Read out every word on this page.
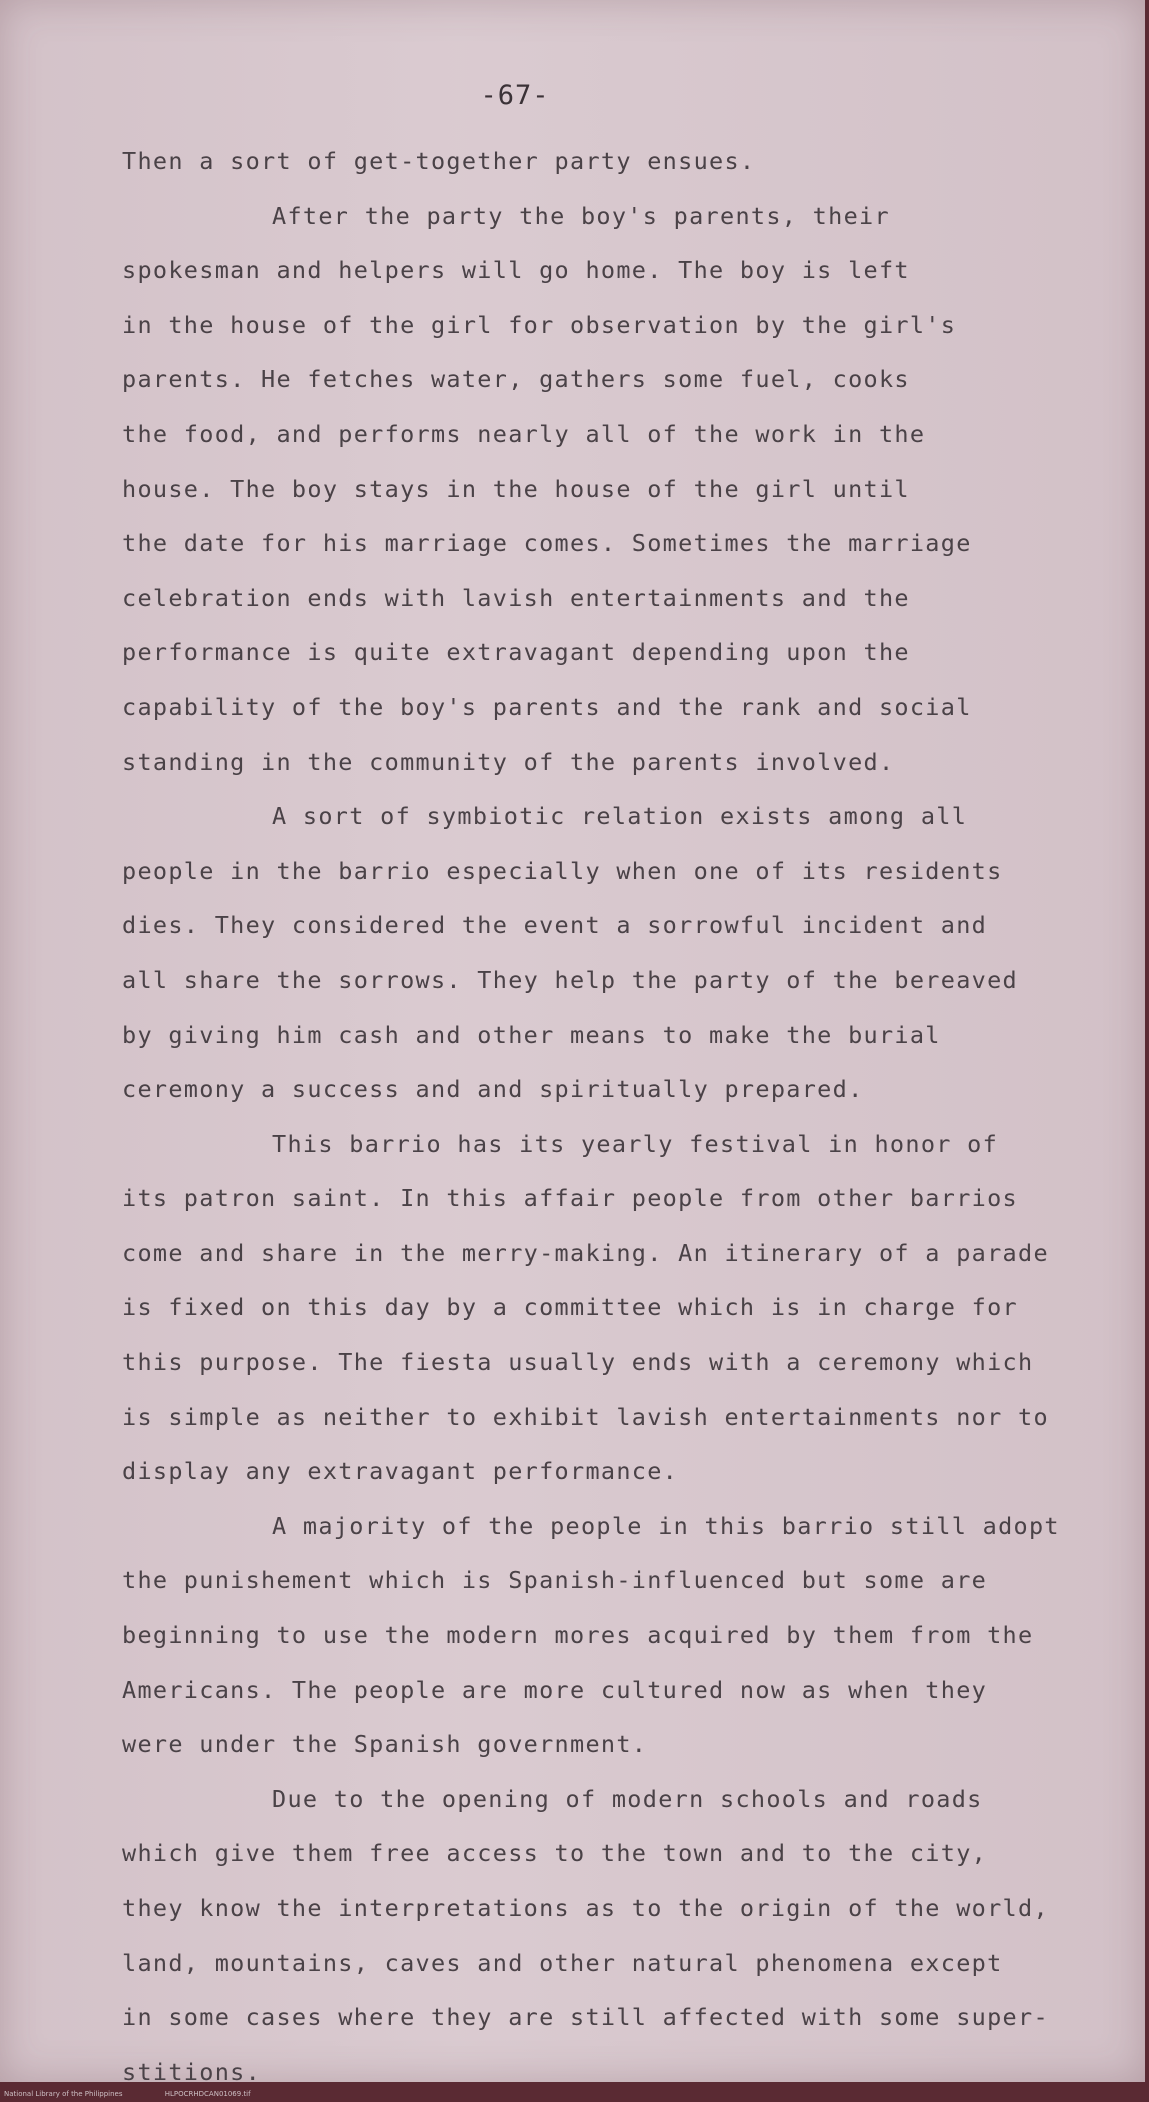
-67-
Then a sort of get-together party ensues.
After the party the boy's parents, their
spokesman and helpers will go home. The boy is left
in the house of the girl for observation by the girl's
parents. He fetches water, gathers some fuel, cooks
the food, and performs nearly all of the work in the
house. The boy stays in the house of the girl until
the date for his marriage comes. Sometimes the marriage
celebration ends with lavish entertainments and the
performance is quite extravagant depending upon the
capability of the boy's parents and the rank and social
standing in the community of the parents involved.
A sort of symbiotic relation exists among all
people in the barrio especially when one of its residents
dies. They considered the event a sorrowful incident and
all share the sorrows. They help the party of the bereaved
by giving him cash and other means to make the burial
ceremony a success and and spiritually prepared.
This barrio has its yearly festival in honor of
its patron saint. In this affair people from other barrios
come and share in the merry-making. An itinerary of a parade
is fixed on this day by a committee which is in charge for
this purpose. The fiesta usually ends with a ceremony which
is simple as neither to exhibit lavish entertainments nor to
display any extravagant performance.
A majority of the people in this barrio still adopt
the punishement which is Spanish-influenced but some are
beginning to use the modern mores acquired by them from the
Americans. The people are more cultured now as when they
were under the Spanish government.
Due to the opening of modern schools and roads
which give them free access to the town and to the city,
they know the interpretations as to the origin of the world,
land, mountains, caves and other natural phenomena except
in some cases where they are still affected with some super-
stitions.
National Library of the Philippines	HLPOCRHDCAN01069.tif
